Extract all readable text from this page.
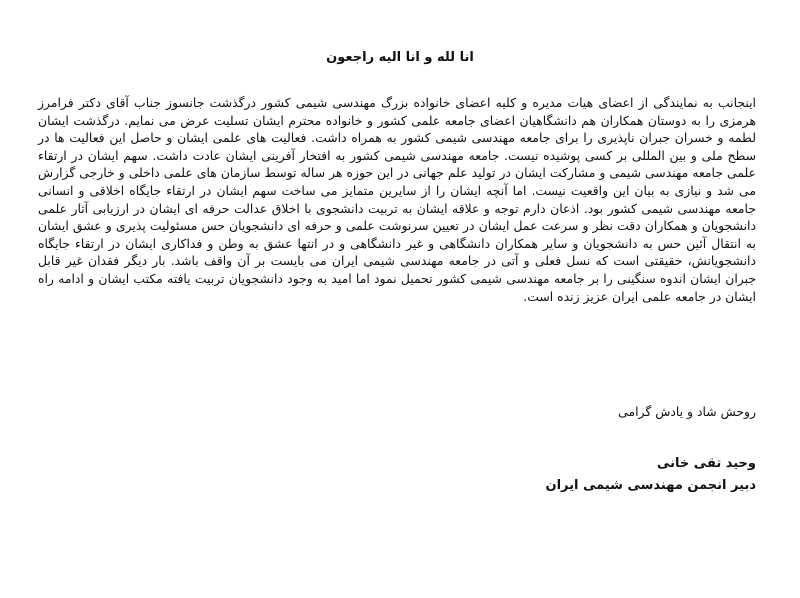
انا لله و انا الیه راجعون

اینجانب به نمایندگی از اعضای هیات مدیره و کلیه اعضای خانواده بزرگ مهندسی شیمی کشور درگذشت جانسوز جناب آقای دکتر فرامرز هرمزی را به دوستان همکاران هم دانشگاهیان اعضای جامعه علمی کشور و خانواده محترم ایشان تسلیت عرض می نمایم. درگذشت ایشان لطمه و خسران جبران ناپذیری را برای جامعه مهندسی شیمی کشور به همراه داشت. فعالیت های علمی ایشان و حاصل این فعالیت ها در سطح ملی و بین المللی بر کسی پوشیده نیست. جامعه مهندسی شیمی کشور به افتخار آفرینی ایشان عادت داشت. سهم ایشان در ارتقاء علمی جامعه مهندسی شیمی و مشارکت ایشان در تولید علم جهانی در این حوزه هر ساله توسط سازمان های علمی داخلی و خارجی گزارش می شد و نیازی به بیان این واقعیت نیست. اما آنچه ایشان را از سایرین متمایز می ساخت سهم ایشان در ارتقاء جایگاه اخلاقی و انسانی جامعه مهندسی شیمی کشور بود. اذعان دارم توجه و علاقه ایشان به تربیت دانشجوی با اخلاق عدالت حرفه ای ایشان در ارزیابی آثار علمی دانشجویان و همکاران دقت نظر و سرعت عمل ایشان در تعیین سرنوشت علمی و حرفه ای دانشجویان حس مسئولیت پذیری و عشق ایشان به انتقال آئین حس به دانشجویان و سایر همکاران دانشگاهی و غیر دانشگاهی و در انتها عشق به وطن و فداکاری ایشان در ارتقاء جایگاه دانشجویانش، حقیقتی است که نسل فعلی و آتی در جامعه مهندسی شیمی ایران می بایست بر آن واقف باشد. بار دیگر فقدان غیر قابل جبران ایشان اندوه سنگینی را بر جامعه مهندسی شیمی کشور تحمیل نمود اما امید به وجود دانشجویان تربیت یافته مکتب ایشان و ادامه راه ایشان در جامعه علمی ایران عزیز زنده است.

روحش شاد و یادش گرامی

وحید تقی خانی

دبیر انجمن مهندسی شیمی ایران
